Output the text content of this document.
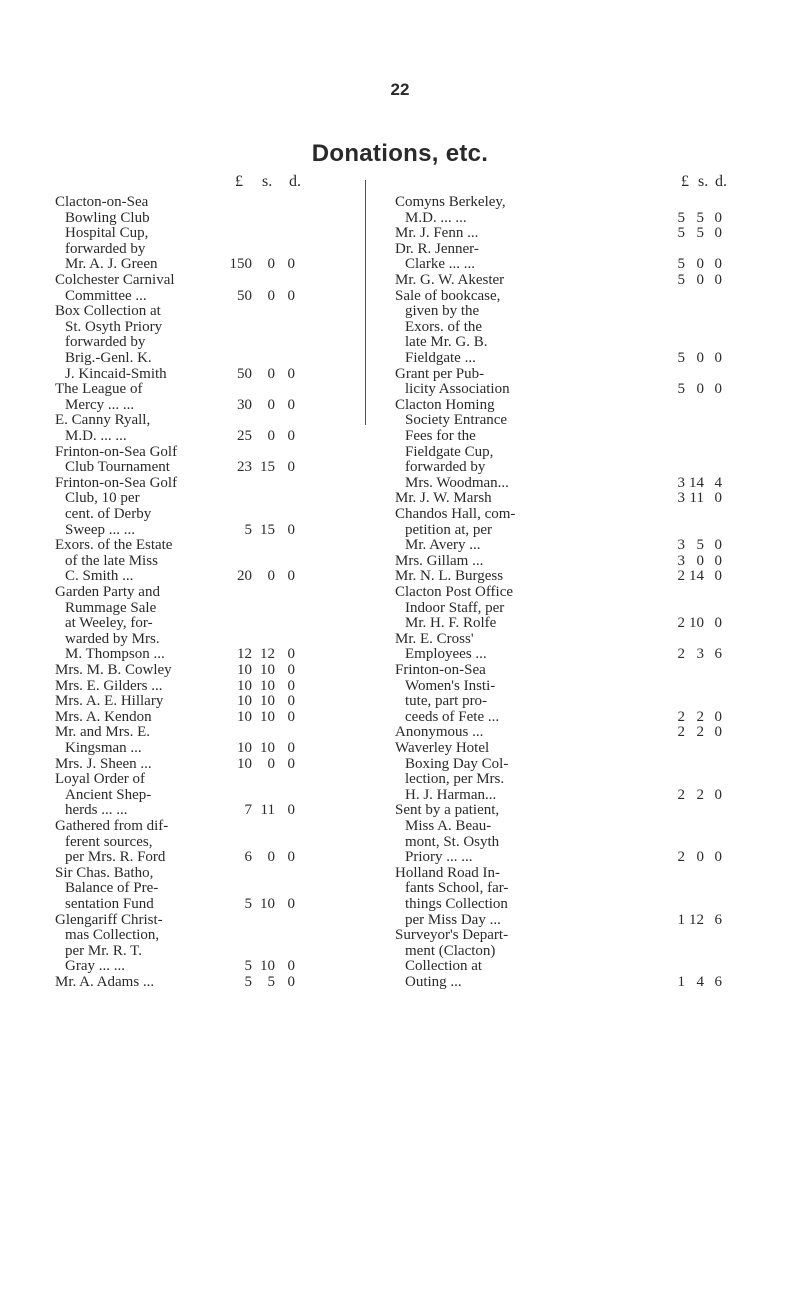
22
Donations, etc.
£ s. d.
Clacton-on-Sea
Bowling Club
Hospital Cup,
forwarded by
Mr. A. J. Green	150	0 0
Colchester Carnival
Committee ...	50	0 0
Box Collection at
St. Osyth Priory
forwarded by
Brig.-Genl. K.
J. Kincaid-Smith	50	0 0
The League of
Mercy ... ...	30	0 0
E. Canny Ryall,
M.D. ... ...	25	0 0
Frinton-on-Sea Golf
Club Tournament	23 15 0
Frinton-on-Sea Golf
Club, 10 per
cent. of Derby
Sweep ... ...	5 15 0
Exors. of the Estate
of the late Miss
C. Smith ...	20	0 0
Garden Party and
Rummage Sale
at Weeley, for-
warded by Mrs.
M. Thompson ...	12 12 0
Mrs. M. B. Cowley	10 10 0
Mrs. E. Gilders ...	10 10 0
Mrs. A. E. Hillary	10 10 0
Mrs. A. Kendon	10 10 0
Mr. and Mrs. E.
Kingsman ...	10 10 0
Mrs. J. Sheen ...	10	0 0
Loyal Order of
Ancient Shep-
herds ... ...	7 11 0
Gathered from dif-
ferent sources,
per Mrs. R. Ford	6	0 0
Sir Chas. Batho,
Balance of Pre-
sentation Fund	5 10 0
Glengariff Christ-
mas Collection,
per Mr. R. T.
Gray ... ...	5 10 0
Mr. A. Adams ...	5	5 0
£ s. d.
Comyns Berkeley,
M.D. ... ...	5 5 0
Mr. J. Fenn ...	5 5 0
Dr. R. Jenner-
Clarke ... ...	5 0 0
Mr. G. W. Akester	5 0 0
Sale of bookcase,
given by the
Exors. of the
late Mr. G. B.
Fieldgate ...	5 0 0
Grant per Pub-
licity Association	5 0 0
Clacton Homing
Society Entrance
Fees for the
Fieldgate Cup,
forwarded by
Mrs. Woodman...	3 14 4
Mr. J. W. Marsh	3 11 0
Chandos Hall, com-
petition at, per
Mr. Avery ...	3 5 0
Mrs. Gillam ...	3 0 0
Mr. N. L. Burgess	2 14 0
Clacton Post Office
Indoor Staff, per
Mr. H. F. Rolfe	2 10 0
Mr. E. Cross'
Employees ...	2 3 6
Frinton-on-Sea
Women's Insti-
tute, part pro-
ceeds of Fete ...	2 2 0
Anonymous ...	2 2 0
Waverley Hotel
Boxing Day Col-
lection, per Mrs.
H. J. Harman...	2 2 0
Sent by a patient,
Miss A. Beau-
mont, St. Osyth
Priory ... ...	2 0 0
Holland Road In-
fants School, far-
things Collection
per Miss Day ...	1 12 6
Surveyor's Depart-
ment (Clacton)
Collection at
Outing ...	1 4 6
